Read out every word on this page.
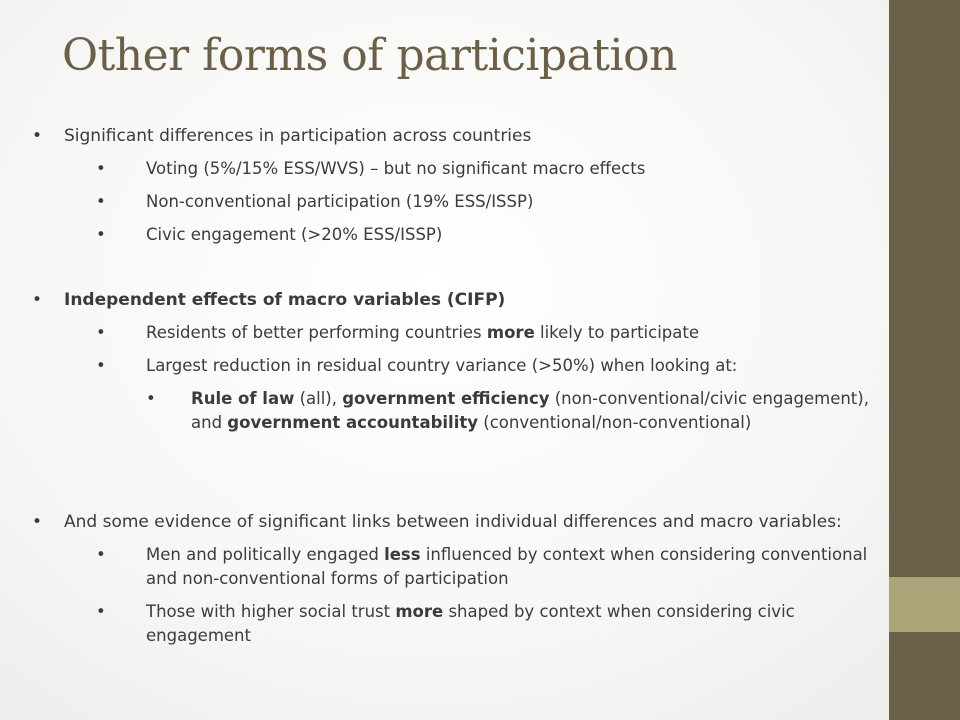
Other forms of participation
• Significant differences in participation across countries
• Voting (5%/15% ESS/WVS) – but no significant macro effects
• Non-conventional participation (19% ESS/ISSP)
• Civic engagement (>20% ESS/ISSP)
• Independent effects of macro variables (CIFP)
• Residents of better performing countries more likely to participate
• Largest reduction in residual country variance (>50%) when looking at:
• Rule of law (all), government efficiency (non-conventional/civic engagement), and government accountability (conventional/non-conventional)
• And some evidence of significant links between individual differences and macro variables:
• Men and politically engaged less influenced by context when considering conventional and non-conventional forms of participation
• Those with higher social trust more shaped by context when considering civic engagement
